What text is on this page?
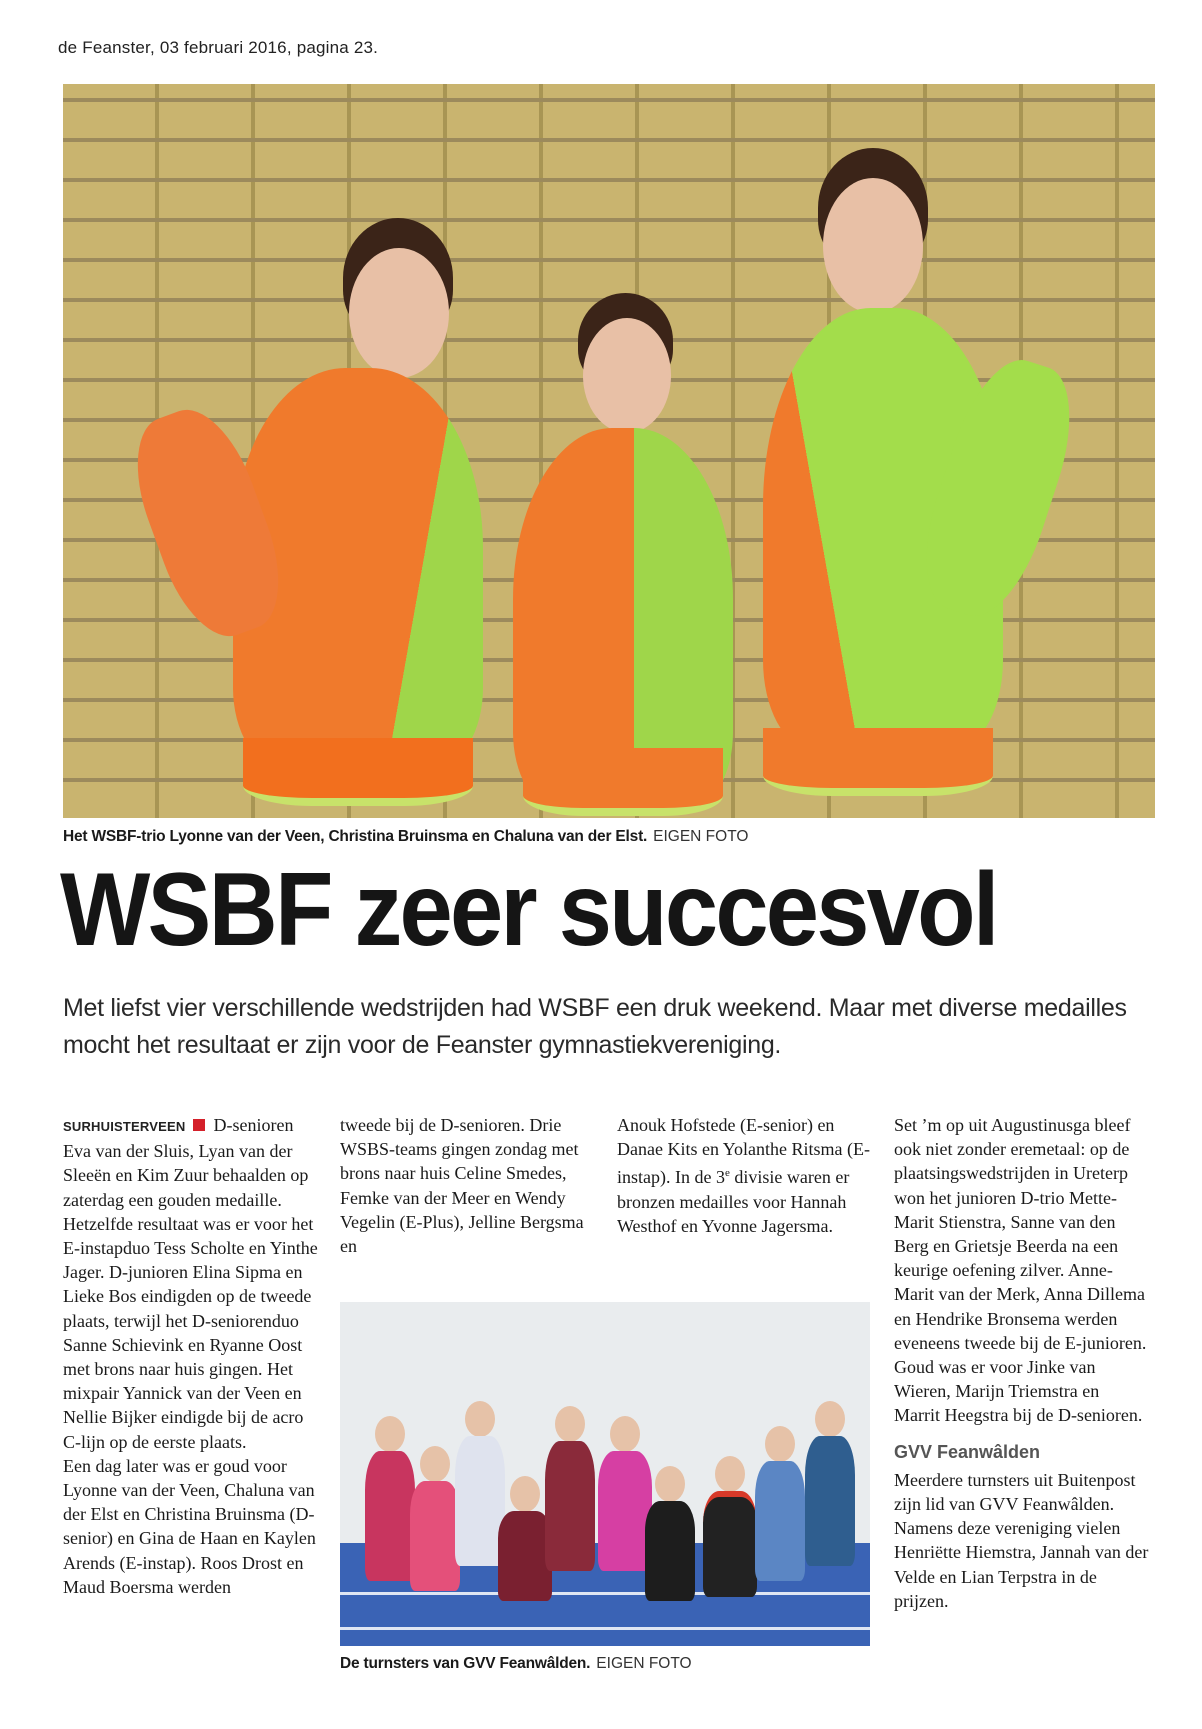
de Feanster, 03 februari 2016, pagina 23.
Het WSBF-trio Lyonne van der Veen, Christina Bruinsma en Chaluna van der Elst. EIGEN FOTO
WSBF zeer succesvol
Met liefst vier verschillende wedstrijden had WSBF een druk weekend. Maar met diverse medailles mocht het resultaat er zijn voor de Feanster gymnastiekvereniging.

SURHUISTERVEEN D-senioren Eva van der Sluis, Lyan van der Sleeën en Kim Zuur behaalden op zaterdag een gouden medaille. Hetzelfde resultaat was er voor het E-instapduo Tess Scholte en Yinthe Jager. D-junioren Elina Sipma en Lieke Bos eindigden op de tweede plaats, terwijl het D-seniorenduo Sanne Schievink en Ryanne Oost met brons naar huis gingen. Het mixpair Yannick van der Veen en Nellie Bijker eindigde bij de acro C-lijn op de eerste plaats.

Een dag later was er goud voor Lyonne van der Veen, Chaluna van der Elst en Christina Bruinsma (D-senior) en Gina de Haan en Kaylen Arends (E-instap). Roos Drost en Maud Boersma werden

tweede bij de D-senioren. Drie WSBS-teams gingen zondag met brons naar huis Celine Smedes, Femke van der Meer en Wendy Vegelin (E-Plus), Jelline Bergsma en

Anouk Hofstede (E-senior) en Danae Kits en Yolanthe Ritsma (E-instap). In de 3e divisie waren er bronzen medailles voor Hannah Westhof en Yvonne Jagersma.

Set ’m op uit Augustinusga bleef ook niet zonder eremetaal: op de plaatsingswedstrijden in Ureterp won het junioren D-trio Mette-Marit Stienstra, Sanne van den Berg en Grietsje Beerda na een keurige oefening zilver. Anne-Marit van der Merk, Anna Dillema en Hendrike Bronsema werden eveneens tweede bij de E-junioren. Goud was er voor Jinke van Wieren, Marijn Triemstra en Marrit Heegstra bij de D-senioren.

GVV Feanwâlden

Meerdere turnsters uit Buitenpost zijn lid van GVV Feanwâlden. Namens deze vereniging vielen Henriëtte Hiemstra, Jannah van der Velde en Lian Terpstra in de prijzen.

De turnsters van GVV Feanwâlden. EIGEN FOTO
